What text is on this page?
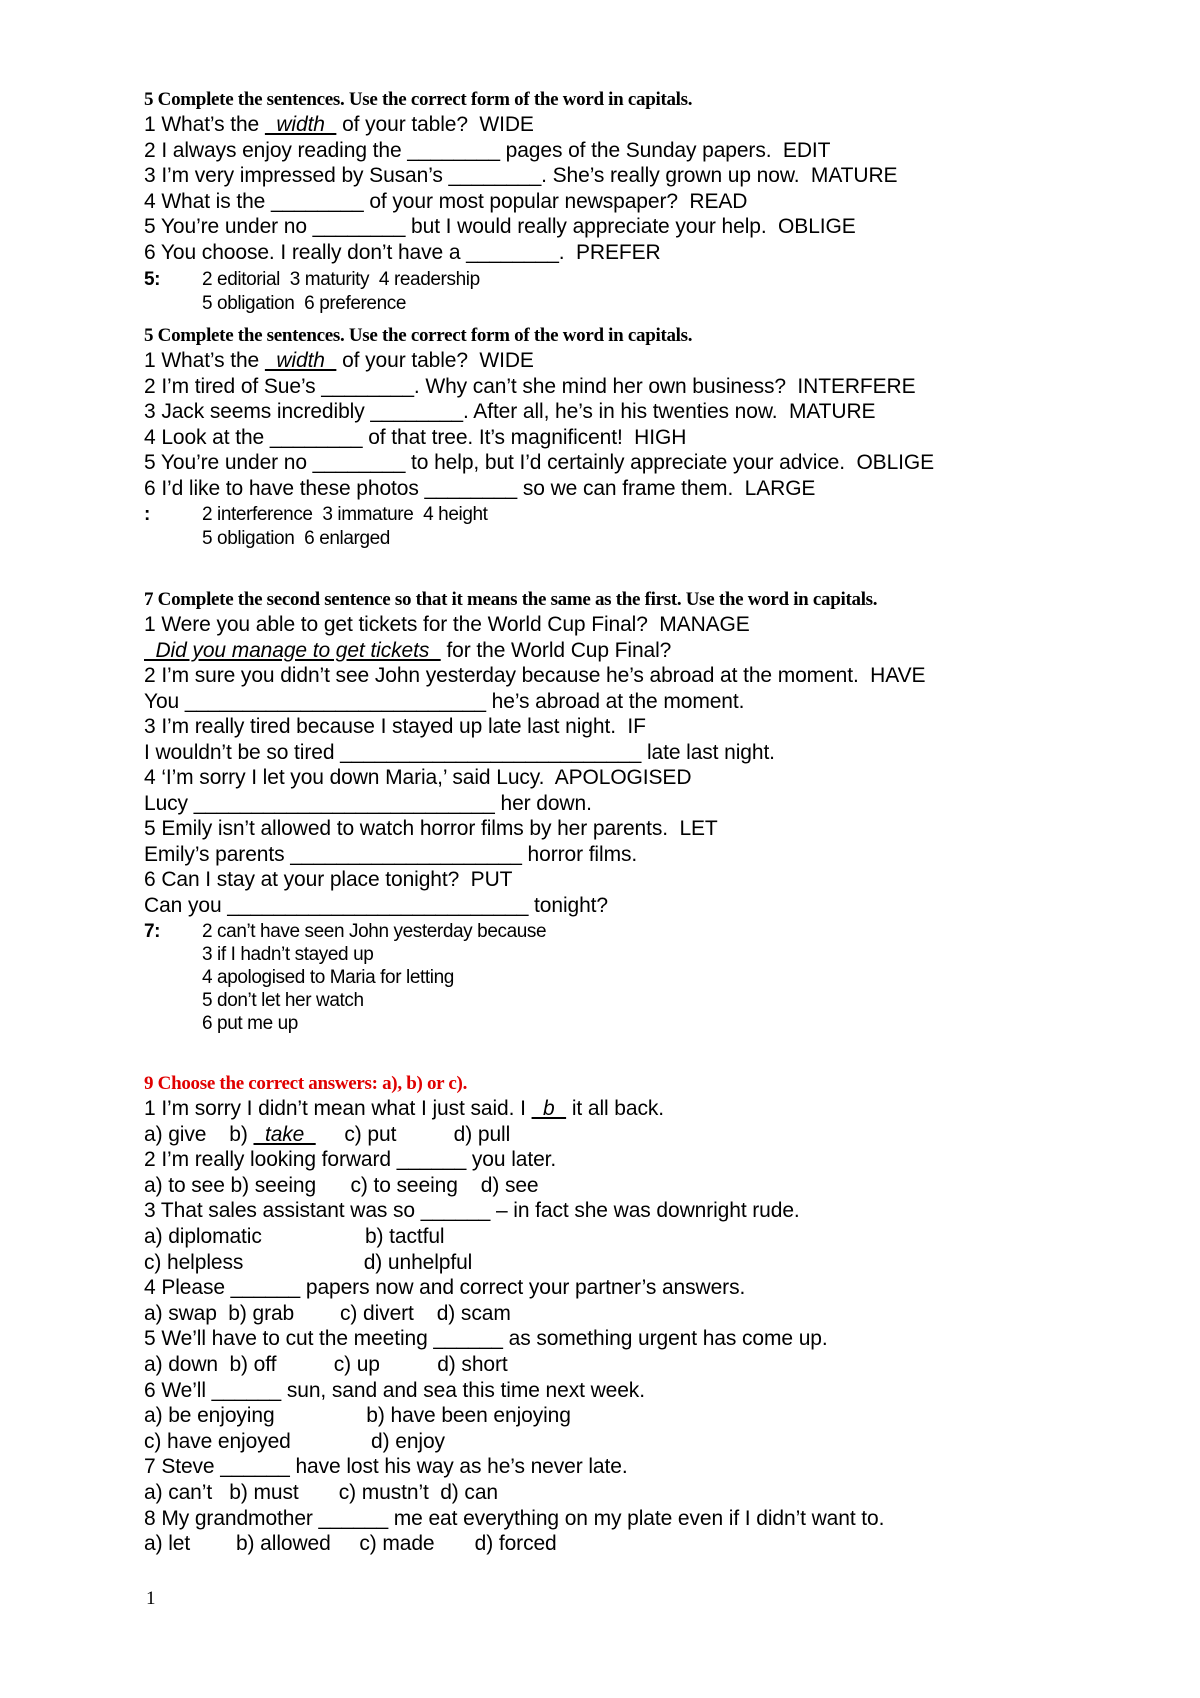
5 Complete the sentences. Use the correct form of the word in capitals.
1 What’s the   width   of your table?  WIDE
2 I always enjoy reading the ________ pages of the Sunday papers.  EDIT
3 I’m very impressed by Susan’s ________. She’s really grown up now.  MATURE
4 What is the ________ of your most popular newspaper?  READ
5 You’re under no ________ but I would really appreciate your help.  OBLIGE
6 You choose. I really don’t have a ________.  PREFER
5: 2 editorial  3 maturity  4 readership
5 obligation  6 preference
5 Complete the sentences. Use the correct form of the word in capitals.
1 What’s the   width   of your table?  WIDE
2 I’m tired of Sue’s ________. Why can’t she mind her own business?  INTERFERE
3 Jack seems incredibly ________. After all, he’s in his twenties now.  MATURE
4 Look at the ________ of that tree. It’s magnificent!  HIGH
5 You’re under no ________ to help, but I’d certainly appreciate your advice.  OBLIGE
6 I’d like to have these photos ________ so we can frame them.  LARGE
:	2 interference  3 immature  4 height
5 obligation  6 enlarged
7 Complete the second sentence so that it means the same as the first. Use the word in capitals.
1 Were you able to get tickets for the World Cup Final?  MANAGE
Did you manage to get tickets   for the World Cup Final?
2 I’m sure you didn’t see John yesterday because he’s abroad at the moment.  HAVE
You __________________________ he’s abroad at the moment.
3 I’m really tired because I stayed up late last night.  IF
I wouldn’t be so tired __________________________ late last night.
4 ‘I’m sorry I let you down Maria,’ said Lucy.  APOLOGISED
Lucy __________________________ her down.
5 Emily isn’t allowed to watch horror films by her parents.  LET
Emily’s parents ____________________ horror films.
6 Can I stay at your place tonight?  PUT
Can you __________________________ tonight?
7: 2 can’t have seen John yesterday because
3 if I hadn’t stayed up
4 apologised to Maria for letting
5 don’t let her watch
6 put me up
9 Choose the correct answers: a), b) or c).
1 I’m sorry I didn’t mean what I just said. I   b   it all back.
a) give    b)   take       c) put          d) pull
2 I’m really looking forward ______ you later.
a) to see b) seeing      c) to seeing    d) see
3 That sales assistant was so ______ – in fact she was downright rude.
a) diplomatic                  b) tactful
c) helpless                     d) unhelpful
4 Please ______ papers now and correct your partner’s answers.
a) swap  b) grab        c) divert    d) scam
5 We’ll have to cut the meeting ______ as something urgent has come up.
a) down  b) off          c) up          d) short
6 We’ll ______ sun, sand and sea this time next week.
a) be enjoying                b) have been enjoying
c) have enjoyed              d) enjoy
7 Steve ______ have lost his way as he’s never late.
a) can’t   b) must       c) mustn’t  d) can
8 My grandmother ______ me eat everything on my plate even if I didn’t want to.
a) let        b) allowed     c) made       d) forced
1
